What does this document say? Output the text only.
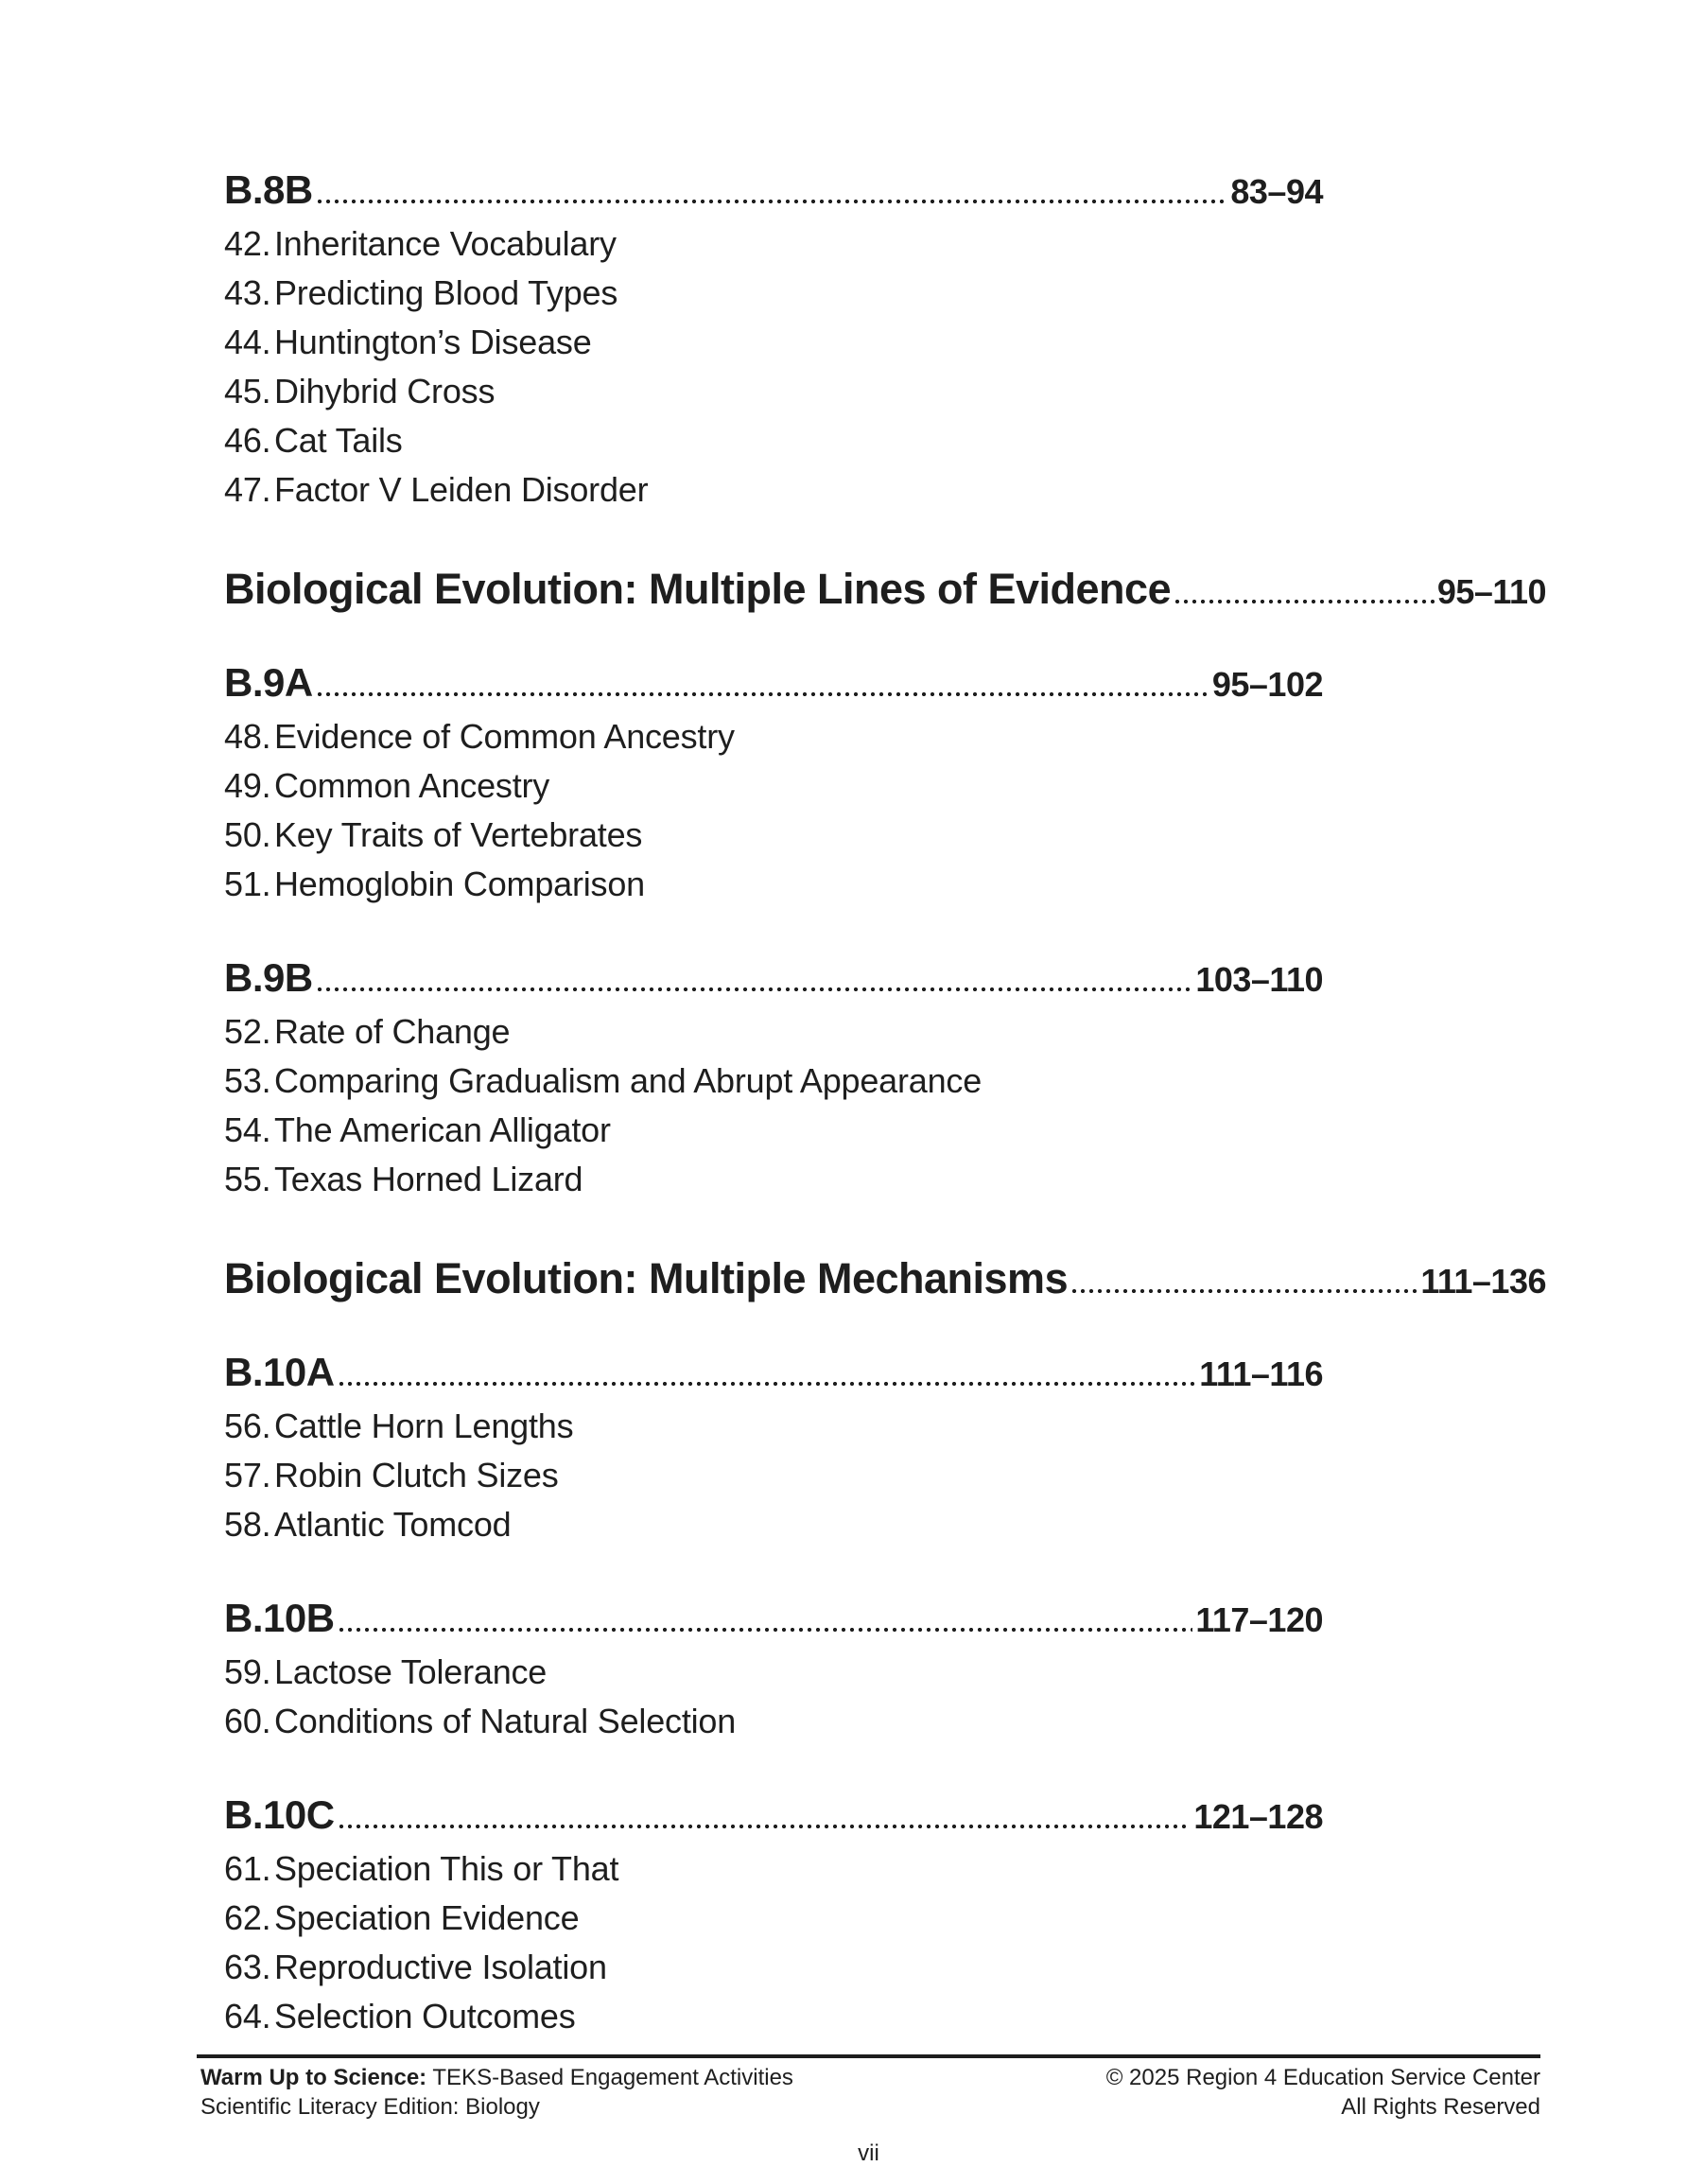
B.8B	83–94
42. Inheritance Vocabulary
43. Predicting Blood Types
44. Huntington’s Disease
45. Dihybrid Cross
46. Cat Tails
47. Factor V Leiden Disorder
Biological Evolution: Multiple Lines of Evidence	95–110
B.9A	95–102
48. Evidence of Common Ancestry
49. Common Ancestry
50. Key Traits of Vertebrates
51. Hemoglobin Comparison
B.9B	103–110
52. Rate of Change
53. Comparing Gradualism and Abrupt Appearance
54. The American Alligator
55. Texas Horned Lizard
Biological Evolution: Multiple Mechanisms	111–136
B.10A	111–116
56. Cattle Horn Lengths
57. Robin Clutch Sizes
58. Atlantic Tomcod
B.10B	117–120
59. Lactose Tolerance
60. Conditions of Natural Selection
B.10C	121–128
61. Speciation This or That
62. Speciation Evidence
63. Reproductive Isolation
64. Selection Outcomes
Warm Up to Science: TEKS-Based Engagement Activities
Scientific Literacy Edition: Biology
© 2025 Region 4 Education Service Center
All Rights Reserved
vii
